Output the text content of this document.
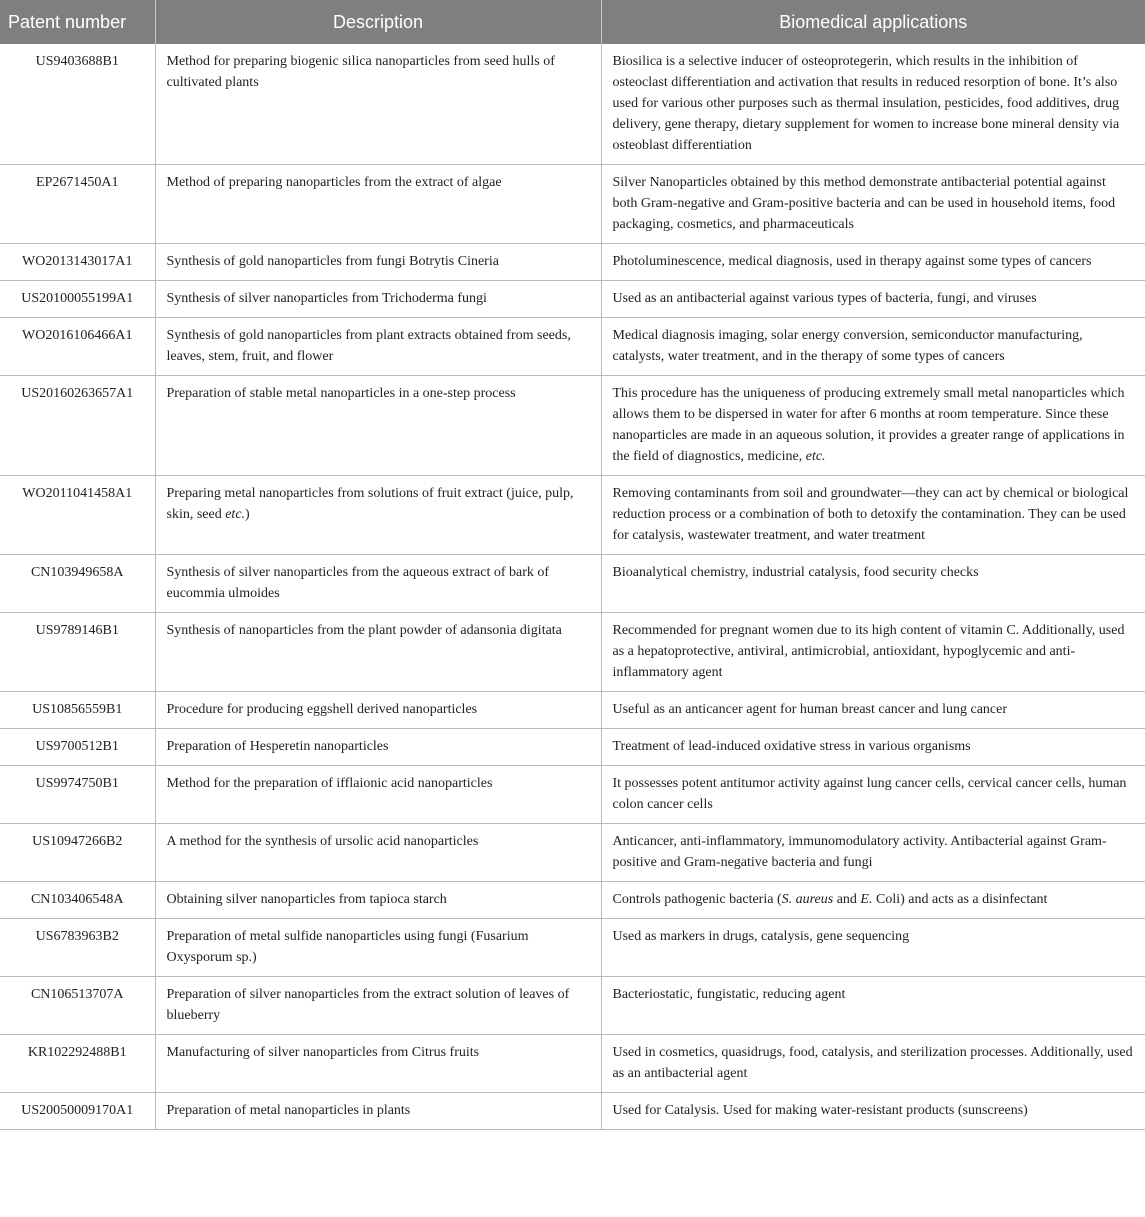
Patent number	Description	Biomedical applications
US9403688B1	Method for preparing biogenic silica nanoparticles from seed hulls of cultivated plants	Biosilica is a selective inducer of osteoprotegerin, which results in the inhibition of osteoclast differentiation and activation that results in reduced resorption of bone. It’s also used for various other purposes such as thermal insulation, pesticides, food additives, drug delivery, gene therapy, dietary supplement for women to increase bone mineral density via osteoblast differentiation
EP2671450A1	Method of preparing nanoparticles from the extract of algae	Silver Nanoparticles obtained by this method demonstrate antibacterial potential against both Gram-negative and Gram-positive bacteria and can be used in household items, food packaging, cosmetics, and pharmaceuticals
WO2013143017A1	Synthesis of gold nanoparticles from fungi Botrytis Cineria	Photoluminescence, medical diagnosis, used in therapy against some types of cancers
US20100055199A1	Synthesis of silver nanoparticles from Trichoderma fungi	Used as an antibacterial against various types of bacteria, fungi, and viruses
WO2016106466A1	Synthesis of gold nanoparticles from plant extracts obtained from seeds, leaves, stem, fruit, and flower	Medical diagnosis imaging, solar energy conversion, semiconductor manufacturing, catalysts, water treatment, and in the therapy of some types of cancers
US20160263657A1	Preparation of stable metal nanoparticles in a one-step process	This procedure has the uniqueness of producing extremely small metal nanoparticles which allows them to be dispersed in water for after 6 months at room temperature. Since these nanoparticles are made in an aqueous solution, it provides a greater range of applications in the field of diagnostics, medicine, etc.
WO2011041458A1	Preparing metal nanoparticles from solutions of fruit extract (juice, pulp, skin, seed etc.)	Removing contaminants from soil and groundwater—they can act by chemical or biological reduction process or a combination of both to detoxify the contamination. They can be used for catalysis, wastewater treatment, and water treatment
CN103949658A	Synthesis of silver nanoparticles from the aqueous extract of bark of eucommia ulmoides	Bioanalytical chemistry, industrial catalysis, food security checks
US9789146B1	Synthesis of nanoparticles from the plant powder of adansonia digitata	Recommended for pregnant women due to its high content of vitamin C. Additionally, used as a hepatoprotective, antiviral, antimicrobial, antioxidant, hypoglycemic and anti-inflammatory agent
US10856559B1	Procedure for producing eggshell derived nanoparticles	Useful as an anticancer agent for human breast cancer and lung cancer
US9700512B1	Preparation of Hesperetin nanoparticles	Treatment of lead-induced oxidative stress in various organisms
US9974750B1	Method for the preparation of ifflaionic acid nanoparticles	It possesses potent antitumor activity against lung cancer cells, cervical cancer cells, human colon cancer cells
US10947266B2	A method for the synthesis of ursolic acid nanoparticles	Anticancer, anti-inflammatory, immunomodulatory activity. Antibacterial against Gram-positive and Gram-negative bacteria and fungi
CN103406548A	Obtaining silver nanoparticles from tapioca starch	Controls pathogenic bacteria (S. aureus and E. Coli) and acts as a disinfectant
US6783963B2	Preparation of metal sulfide nanoparticles using fungi (Fusarium Oxysporum sp.)	Used as markers in drugs, catalysis, gene sequencing
CN106513707A	Preparation of silver nanoparticles from the extract solution of leaves of blueberry	Bacteriostatic, fungistatic, reducing agent
KR102292488B1	Manufacturing of silver nanoparticles from Citrus fruits	Used in cosmetics, quasidrugs, food, catalysis, and sterilization processes. Additionally, used as an antibacterial agent
US20050009170A1	Preparation of metal nanoparticles in plants	Used for Catalysis. Used for making water-resistant products (sunscreens)
